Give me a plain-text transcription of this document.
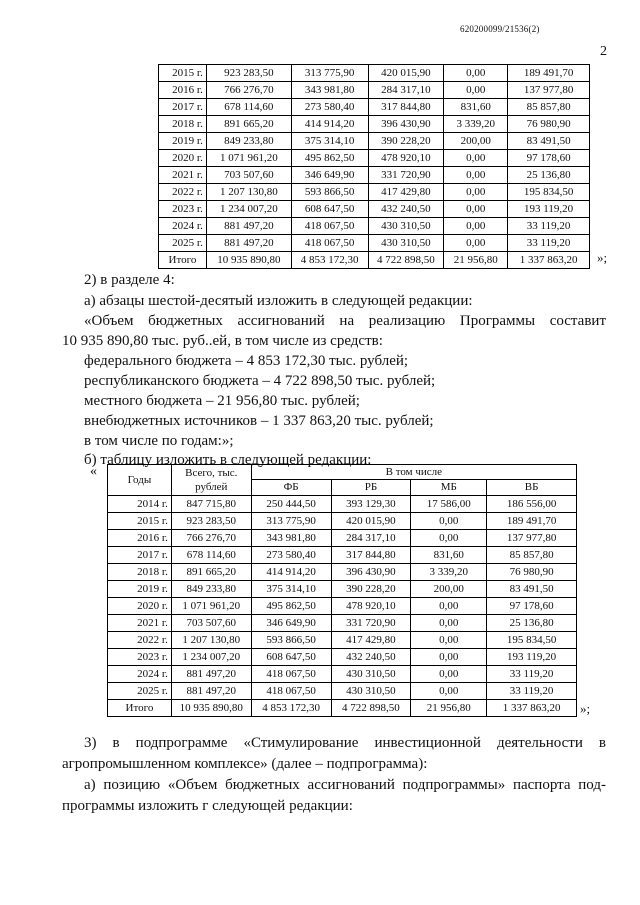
620200099/21536(2)
2
2015 г.	923 283,50	313 775,90	420 015,90	0,00	189 491,70
2016 г.	766 276,70	343 981,80	284 317,10	0,00	137 977,80
2017 г.	678 114,60	273 580,40	317 844,80	831,60	85 857,80
2018 г.	891 665,20	414 914,20	396 430,90	3 339,20	76 980,90
2019 г.	849 233,80	375 314,10	390 228,20	200,00	83 491,50
2020 г.	1 071 961,20	495 862,50	478 920,10	0,00	97 178,60
2021 г.	703 507,60	346 649,90	331 720,90	0,00	25 136,80
2022 г.	1 207 130,80	593 866,50	417 429,80	0,00	195 834,50
2023 г.	1 234 007,20	608 647,50	432 240,50	0,00	193 119,20
2024 г.	881 497,20	418 067,50	430 310,50	0,00	33 119,20
2025 г.	881 497,20	418 067,50	430 310,50	0,00	33 119,20
Итого	10 935 890,80	4 853 172,30	4 722 898,50	21 956,80	1 337 863,20 »;
2) в разделе 4:
а) абзацы шестой-десятый изложить в следующей редакции:
«Объем бюджетных ассигнований на реализацию Программы составит
10 935 890,80 тыс. руб..ей, в том числе из средств:
федерального бюджета – 4 853 172,30 тыс. рублей;
республиканского бюджета – 4 722 898,50 тыс. рублей;
местного бюджета – 21 956,80 тыс. рублей;
внебюджетных источников – 1 337 863,20 тыс. рублей;
в том числе по годам:»;
б) таблицу изложить в следующей редакции:
«
Годы	Всего, тыс. рублей	В том числе			
		ФБ	РБ	МБ	ВБ
2014 г.	847 715,80	250 444,50	393 129,30	17 586,00	186 556,00
2015 г.	923 283,50	313 775,90	420 015,90	0,00	189 491,70
2016 г.	766 276,70	343 981,80	284 317,10	0,00	137 977,80
2017 г.	678 114,60	273 580,40	317 844,80	831,60	85 857,80
2018 г.	891 665,20	414 914,20	396 430,90	3 339,20	76 980,90
2019 г.	849 233,80	375 314,10	390 228,20	200,00	83 491,50
2020 г.	1 071 961,20	495 862,50	478 920,10	0,00	97 178,60
2021 г.	703 507,60	346 649,90	331 720,90	0,00	25 136,80
2022 г.	1 207 130,80	593 866,50	417 429,80	0,00	195 834,50
2023 г.	1 234 007,20	608 647,50	432 240,50	0,00	193 119,20
2024 г.	881 497,20	418 067,50	430 310,50	0,00	33 119,20
2025 г.	881 497,20	418 067,50	430 310,50	0,00	33 119,20
Итого	10 935 890,80	4 853 172,30	4 722 898,50	21 956,80	1 337 863,20 »;
3) в подпрограмме «Стимулирование инвестиционной деятельности в
агропромышленном комплексе» (далее – подпрограмма):
а) позицию «Объем бюджетных ассигнований подпрограммы» паспорта под-
программы изложить г следующей редакции:
